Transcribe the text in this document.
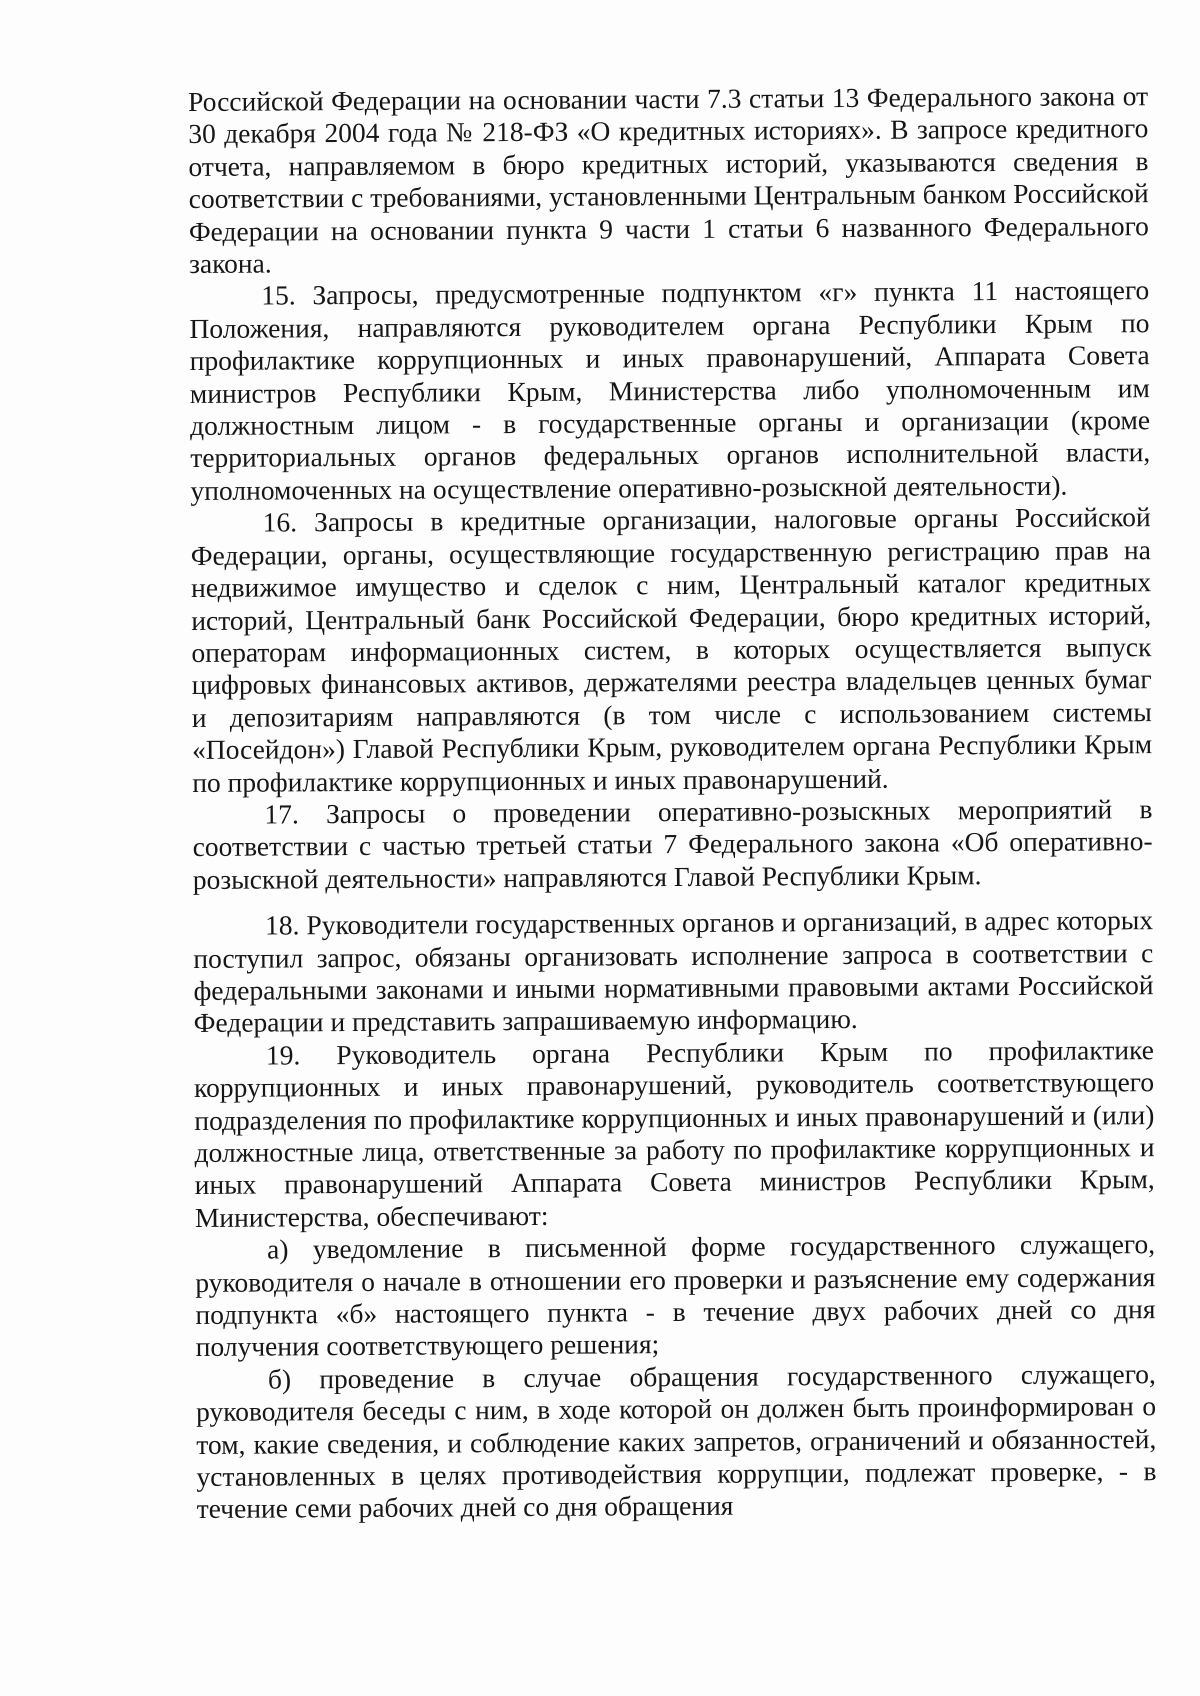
Российской Федерации на основании части 7.3 статьи 13 Федерального закона от 30 декабря 2004 года № 218-ФЗ «О кредитных историях». В запросе кредитного отчета, направляемом в бюро кредитных историй, указываются сведения в соответствии с требованиями, установленными Центральным банком Российской Федерации на основании пункта 9 части 1 статьи 6 названного Федерального закона.

15. Запросы, предусмотренные подпунктом «г» пункта 11 настоящего Положения, направляются руководителем органа Республики Крым по профилактике коррупционных и иных правонарушений, Аппарата Совета министров Республики Крым, Министерства либо уполномоченным им должностным лицом - в государственные органы и организации (кроме территориальных органов федеральных органов исполнительной власти, уполномоченных на осуществление оперативно-розыскной деятельности).

16. Запросы в кредитные организации, налоговые органы Российской Федерации, органы, осуществляющие государственную регистрацию прав на недвижимое имущество и сделок с ним, Центральный каталог кредитных историй, Центральный банк Российской Федерации, бюро кредитных историй, операторам информационных систем, в которых осуществляется выпуск цифровых финансовых активов, держателями реестра владельцев ценных бумаг и депозитариям направляются (в том числе с использованием системы «Посейдон») Главой Республики Крым, руководителем органа Республики Крым по профилактике коррупционных и иных правонарушений.

17. Запросы о проведении оперативно-розыскных мероприятий в соответствии с частью третьей статьи 7 Федерального закона «Об оперативно-розыскной деятельности» направляются Главой Республики Крым.

18. Руководители государственных органов и организаций, в адрес которых поступил запрос, обязаны организовать исполнение запроса в соответствии с федеральными законами и иными нормативными правовыми актами Российской Федерации и представить запрашиваемую информацию.

19. Руководитель органа Республики Крым по профилактике коррупционных и иных правонарушений, руководитель соответствующего подразделения по профилактике коррупционных и иных правонарушений и (или) должностные лица, ответственные за работу по профилактике коррупционных и иных правонарушений Аппарата Совета министров Республики Крым, Министерства, обеспечивают:

а) уведомление в письменной форме государственного служащего, руководителя о начале в отношении его проверки и разъяснение ему содержания подпункта «б» настоящего пункта - в течение двух рабочих дней со дня получения соответствующего решения;

б) проведение в случае обращения государственного служащего, руководителя беседы с ним, в ходе которой он должен быть проинформирован о том, какие сведения, и соблюдение каких запретов, ограничений и обязанностей, установленных в целях противодействия коррупции, подлежат проверке, - в течение семи рабочих дней со дня обращения
